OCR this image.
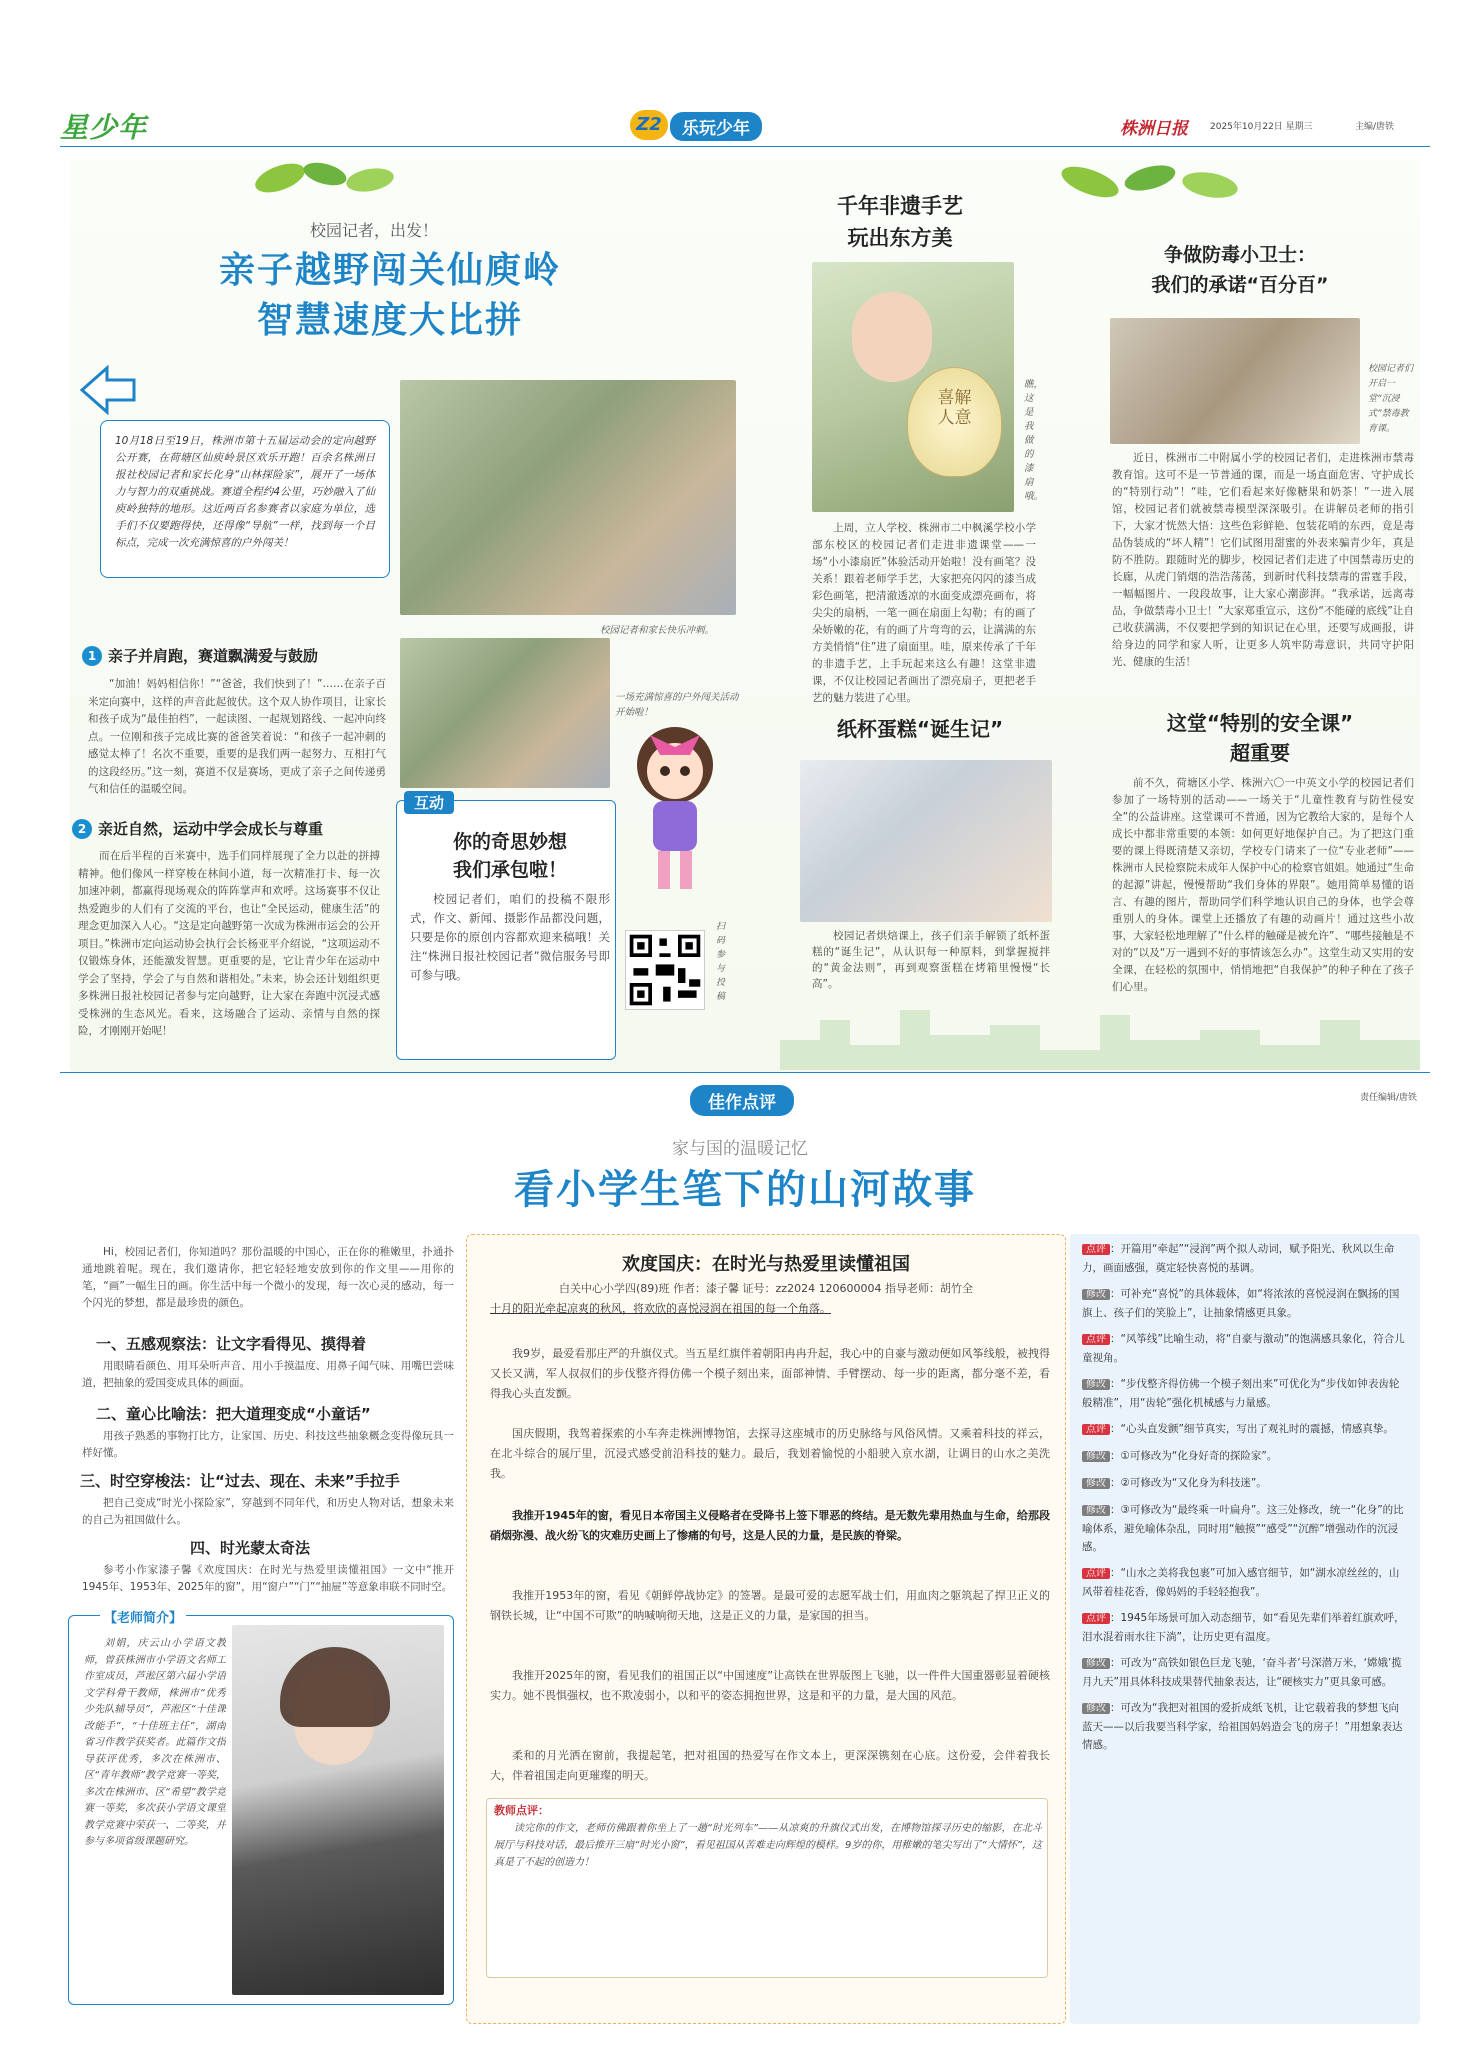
星少年	Z2	乐玩少年	株洲日报 2025年10月22日 星期三	主编/唐铁
校园记者，出发！
亲子越野闯关仙庾岭
智慧速度大比拼
10月18日至19日，株洲市第十五届运动会的定向越野公开赛，在荷塘区仙庾岭景区欢乐开跑！百余名株洲日报社校园记者和家长化身“山林探险家”，展开了一场体力与智力的双重挑战。赛道全程约4公里，巧妙融入了仙庾岭独特的地形。这近两百名参赛者以家庭为单位，选手们不仅要跑得快，还得像“导航”一样，找到每一个目标点，完成一次充满惊喜的户外闯关！
校园记者和家长快乐冲刺。
一场充满惊喜的户外闯关活动开始啦！
1 亲子并肩跑，赛道飘满爱与鼓励
“加油！妈妈相信你！”“爸爸，我们快到了！”……在亲子百米定向赛中，这样的声音此起彼伏。这个双人协作项目，让家长和孩子成为“最佳拍档”，一起读图、一起规划路线、一起冲向终点。一位刚和孩子完成比赛的爸爸笑着说：“和孩子一起冲刺的感觉太棒了！名次不重要，重要的是我们两一起努力、互相打气的这段经历。”这一刻，赛道不仅是赛场，更成了亲子之间传递勇气和信任的温暖空间。
2 亲近自然，运动中学会成长与尊重
而在后半程的百米赛中，选手们同样展现了全力以赴的拼搏精神。他们像风一样穿梭在林间小道，每一次精准打卡、每一次加速冲刺，都赢得现场观众的阵阵掌声和欢呼。这场赛事不仅让热爱跑步的人们有了交流的平台，也让“全民运动，健康生活”的理念更加深入人心。“这是定向越野第一次成为株洲市运会的公开项目。”株洲市定向运动协会执行会长杨亚平介绍说，“这项运动不仅锻炼身体，还能激发智慧。更重要的是，它让青少年在运动中学会了坚持，学会了与自然和谐相处。”未来，协会还计划组织更多株洲日报社校园记者参与定向越野，让大家在奔跑中沉浸式感受株洲的生态风光。看来，这场融合了运动、亲情与自然的探险，才刚刚开始呢！
互动
你的奇思妙想
我们承包啦！
校园记者们，咱们的投稿不限形式，作文、新闻、摄影作品都没问题，只要是你的原创内容都欢迎来稿哦！关注“株洲日报社校园记者”微信服务号即可参与哦。
扫码参与投稿
千年非遗手艺
玩出东方美
喜解人意
瞧，这是我做的漆扇哦。
上周，立人学校、株洲市二中枫溪学校小学部东校区的校园记者们走进非遗课堂——一场“小小漆扇匠”体验活动开始啦！没有画笔？没关系！跟着老师学手艺，大家把亮闪闪的漆当成彩色画笔，把清澈透凉的水面变成漂亮画布，将尖尖的扇柄，一笔一画在扇面上勾勒；有的画了朵娇嫩的花，有的画了片弯弯的云，让满满的东方美悄悄“住”进了扇面里。哇，原来传承了千年的非遗手艺，上手玩起来这么有趣！这堂非遗课，不仅让校园记者画出了漂亮扇子，更把老手艺的魅力装进了心里。
纸杯蛋糕“诞生记”
校园记者烘焙课上，孩子们亲手解锁了纸杯蛋糕的“诞生记”，从认识每一种原料，到掌握搅拌的“黄金法则”，再到观察蛋糕在烤箱里慢慢“长高”。
争做防毒小卫士：
我们的承诺“百分百”
校园记者们开启一堂“沉浸式”禁毒教育课。
近日，株洲市二中附属小学的校园记者们，走进株洲市禁毒教育馆。这可不是一节普通的课，而是一场直面危害、守护成长的“特别行动”！“哇，它们看起来好像糖果和奶茶！”一进入展馆，校园记者们就被禁毒模型深深吸引。在讲解员老师的指引下，大家才恍然大悟：这些色彩鲜艳、包装花哨的东西，竟是毒品伪装成的“坏人精”！它们试图用甜蜜的外表来骗青少年，真是防不胜防。跟随时光的脚步，校园记者们走进了中国禁毒历史的长廊，从虎门销烟的浩浩荡荡，到新时代科技禁毒的雷霆手段，一幅幅图片、一段段故事，让大家心潮澎湃。“我承诺，远离毒品，争做禁毒小卫士！”大家郑重宣示，这份“不能碰的底线”让自己收获满满，不仅要把学到的知识记在心里，还要写成画报，讲给身边的同学和家人听，让更多人筑牢防毒意识，共同守护阳光、健康的生活！
这堂“特别的安全课”
超重要
前不久，荷塘区小学、株洲六〇一中英文小学的校园记者们参加了一场特别的活动——一场关于“儿童性教育与防性侵安全”的公益讲座。这堂课可不普通，因为它教给大家的，是每个人成长中都非常重要的本领：如何更好地保护自己。为了把这门重要的课上得既清楚又亲切，学校专门请来了一位“专业老师”——株洲市人民检察院未成年人保护中心的检察官姐姐。她通过“生命的起源”讲起，慢慢帮助“我们身体的界限”。她用简单易懂的语言、有趣的图片，帮助同学们科学地认识自己的身体，也学会尊重别人的身体。课堂上还播放了有趣的动画片！通过这些小故事，大家轻松地理解了“什么样的触碰是被允许”、“哪些接触是不对的”以及“万一遇到不好的事情该怎么办”。这堂生动又实用的安全课，在轻松的氛围中，悄悄地把“自我保护”的种子种在了孩子们心里。
佳作点评	责任编辑/唐铁
家与国的温暖记忆
看小学生笔下的山河故事
Hi，校园记者们，你知道吗？那份温暖的中国心，正在你的稚嫩里，扑通扑通地跳着呢。现在，我们邀请你，把它轻轻地安放到你的作文里——用你的笔，“画”一幅生日的画。你生活中每一个微小的发现，每一次心灵的感动，每一个闪光的梦想，都是最珍贵的颜色。
一、五感观察法：让文字看得见、摸得着
用眼睛看颜色、用耳朵听声音、用小手摸温度、用鼻子闻气味、用嘴巴尝味道，把抽象的爱国变成具体的画面。
二、童心比喻法：把大道理变成“小童话”
用孩子熟悉的事物打比方，让家国、历史、科技这些抽象概念变得像玩具一样好懂。
三、时空穿梭法：让“过去、现在、未来”手拉手
把自己变成“时光小探险家”，穿越到不同年代，和历史人物对话，想象未来的自己为祖国做什么。
四、时光蒙太奇法
参考小作家漆子馨《欢度国庆：在时光与热爱里读懂祖国》一文中“推开1945年、1953年、2025年的窗”，用“窗户”“门”“抽屉”等意象串联不同时空。
【老师简介】
刘娟，庆云山小学语文教师，曾获株洲市小学语文名师工作室成员，芦淞区第六届小学语文学科骨干教师，株洲市“优秀少先队辅导员”，芦淞区“十佳课改能手”，“十佳班主任”，湖南省习作教学获奖者。此篇作文指导获评优秀，多次在株洲市、区“青年教师”教学竞赛一等奖，多次在株洲市、区“希望”教学竞赛一等奖，多次获小学语文课堂教学竞赛中荣获一、二等奖，并参与多项省级课题研究。
欢度国庆：在时光与热爱里读懂祖国
白关中心小学四(89)班 作者：漆子馨 证号：zz2024 120600004 指导老师：胡竹全
十月的阳光牵起凉爽的秋风，将欢欣的喜悦浸润在祖国的每一个角落。
我9岁，最爱看那庄严的升旗仪式。当五星红旗伴着朝阳冉冉升起，我心中的自豪与激动便如风筝线般，被拽得又长又满，军人叔叔们的步伐整齐得仿佛一个模子刻出来，面部神情、手臂摆动、每一步的距离，都分毫不差，看得我心头直发颤。
国庆假期，我驾着探索的小车奔走株洲博物馆，去探寻这座城市的历史脉络与风俗风情。又乘着科技的祥云，在北斗综合的展厅里，沉浸式感受前沿科技的魅力。最后，我划着愉悦的小船驶入京水湖，让调日的山水之美洗我。
我推开1945年的窗，看见日本帝国主义侵略者在受降书上签下罪恶的终结。是无数先辈用热血与生命，给那段硝烟弥漫、战火纷飞的灾难历史画上了惨痛的句号，这是人民的力量，是民族的脊梁。
我推开1953年的窗，看见《朝鲜停战协定》的签署。是最可爱的志愿军战士们，用血肉之躯筑起了捍卫正义的钢铁长城，让“中国不可欺”的呐喊响彻天地，这是正义的力量，是家国的担当。
我推开2025年的窗，看见我们的祖国正以“中国速度”让高铁在世界版图上飞驰，以一件件大国重器彰显着硬核实力。她不畏惧强权，也不欺凌弱小，以和平的姿态拥抱世界，这是和平的力量，是大国的风范。
柔和的月光洒在窗前，我提起笔，把对祖国的热爱写在作文本上，更深深镌刻在心底。这份爱，会伴着我长大，伴着祖国走向更璀璨的明天。
教师点评：
读完你的作文，老师仿佛跟着你坐上了一趟“时光列车”——从凉爽的升旗仪式出发，在博物馆探寻历史的缩影，在北斗展厅与科技对话，最后推开三扇“时光小窗”，看见祖国从苦难走向辉煌的模样。9岁的你，用稚嫩的笔尖写出了“大情怀”，这真是了不起的创造力！
点评 ：开篇用“牵起”“浸润”两个拟人动词，赋予阳光、秋风以生命力，画面感强，奠定轻快喜悦的基调。
修改 ：可补充“喜悦”的具体载体，如“将浓浓的喜悦浸润在飘扬的国旗上、孩子们的笑脸上”，让抽象情感更具象。
点评 ：“风筝线”比喻生动，将“自豪与激动”的饱满感具象化，符合儿童视角。
修改 ：“步伐整齐得仿佛一个模子刻出来”可优化为“步伐如钟表齿轮般精准”，用“齿轮”强化机械感与力量感。
点评 ：“心头直发颤”细节真实，写出了观礼时的震撼，情感真挚。
修改 ：①可修改为“化身好奇的探险家”。
修改 ：②可修改为“又化身为科技迷”。
修改 ：③可修改为“最终乘一叶扁舟”。这三处修改，统一“化身”的比喻体系，避免喻体杂乱，同时用“触摸”“感受”“沉醉”增强动作的沉浸感。
点评 ：“山水之美将我包裹”可加入感官细节，如“湖水凉丝丝的，山风带着桂花香，像妈妈的手轻轻抱我”。
点评 ：1945年场景可加入动态细节，如“看见先辈们举着红旗欢呼，泪水混着雨水往下淌”，让历史更有温度。
修改 ：可改为“高铁如银色巨龙飞驰，‘奋斗者’号深潜万米，‘嫦娥’揽月九天”用具体科技成果替代抽象表达，让“硬核实力”更具象可感。
修改 ：可改为“我把对祖国的爱折成纸飞机，让它载着我的梦想飞向蓝天——以后我要当科学家，给祖国妈妈造会飞的房子！”用想象表达情感。
